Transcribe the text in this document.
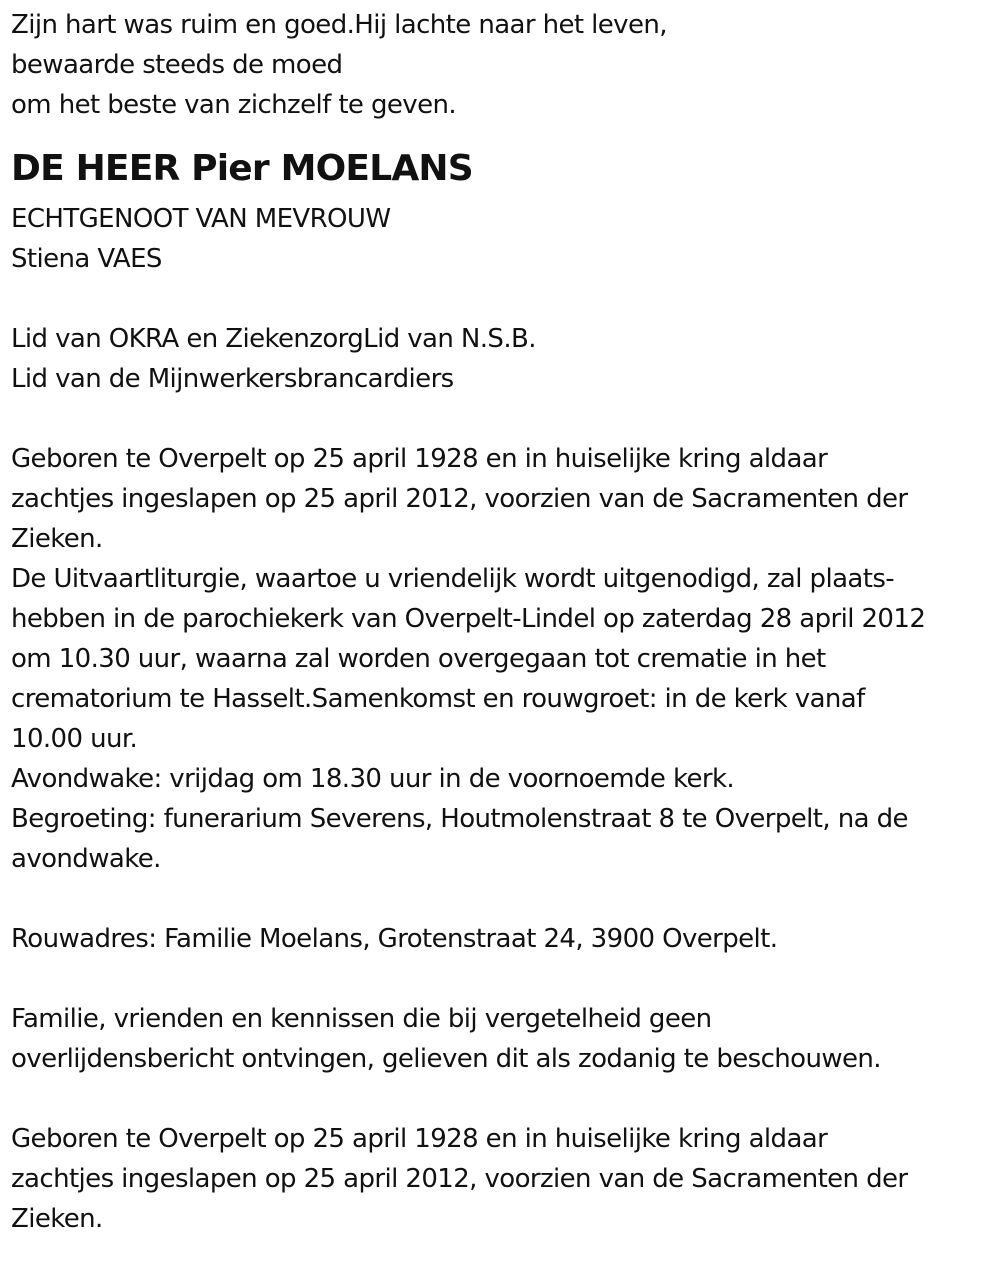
Zijn hart was ruim en goed.Hij lachte naar het leven,
bewaarde steeds de moed
om het beste van zichzelf te geven.
DE HEER Pier MOELANS
ECHTGENOOT VAN MEVROUW
Stiena VAES
Lid van OKRA en ZiekenzorgLid van N.S.B.
Lid van de Mijnwerkersbrancardiers
Geboren te Overpelt op 25 april 1928 en in huiselijke kring aldaar
zachtjes ingeslapen op 25 april 2012, voorzien van de Sacramenten der
Zieken.
De Uitvaartliturgie, waartoe u vriendelijk wordt uitgenodigd, zal plaats-
hebben in de parochiekerk van Overpelt-Lindel op zaterdag 28 april 2012
om 10.30 uur, waarna zal worden overgegaan tot crematie in het
crematorium te Hasselt.Samenkomst en rouwgroet: in de kerk vanaf
10.00 uur.
Avondwake: vrijdag om 18.30 uur in de voornoemde kerk.
Begroeting: funerarium Severens, Houtmolenstraat 8 te Overpelt, na de
avondwake.
Rouwadres: Familie Moelans, Grotenstraat 24, 3900 Overpelt.
Familie, vrienden en kennissen die bij vergetelheid geen
overlijdensbericht ontvingen, gelieven dit als zodanig te beschouwen.
Geboren te Overpelt op 25 april 1928 en in huiselijke kring aldaar
zachtjes ingeslapen op 25 april 2012, voorzien van de Sacramenten der
Zieken.
